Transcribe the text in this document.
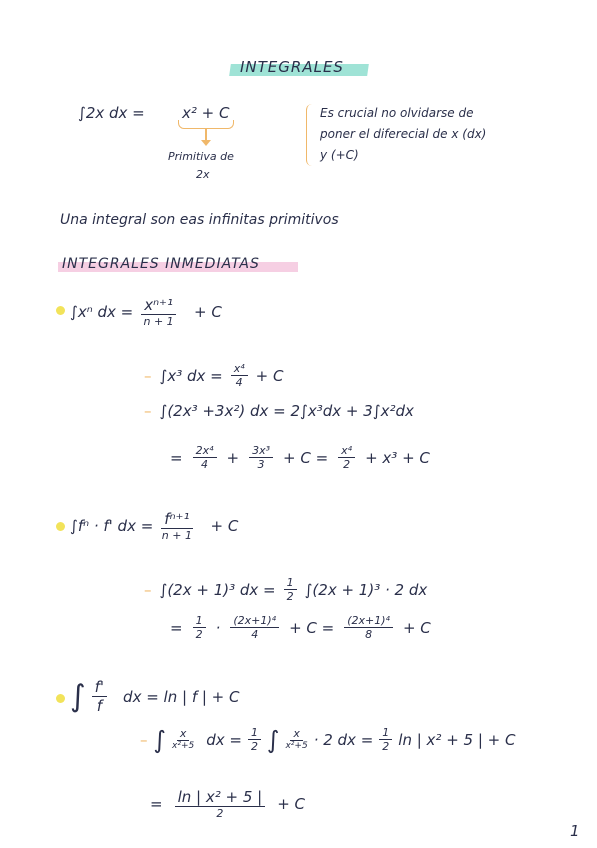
INTEGRALES
∫2x dx = x² + C
Primitiva de
2x
Es crucial no olvidarse de
poner el diferecial de x (dx)
y (+C)
Una integral son eas infinitas primitivos
INTEGRALES INMEDIATAS
∫xⁿ dx = $\frac{\text{xⁿ⁺¹}}{n + 1} + C$
– ∫x³ dx = $\frac{\text{x⁴}}{4} + C$
– ∫(2x³ +3x²) dx = 2∫x³dx + 3∫x²dx
= $\frac{\text{2x⁴}}{4} + \frac{\text{3x³}}{3} + C = \frac{\text{x⁴}}{2} + x^3 + C$
∫fⁿ · f' dx = $\frac{\text{fⁿ⁺¹}}{n + 1} + C$
– ∫(2x + 1)³ dx = $\frac{1}{2} \int(2x + 1)^3 \cdot 2$ dx
= $\frac{1}{2} \cdot \frac{\text{(2x+1)⁴}}{4} + C = \frac{\text{(2x+1)⁴}}{8} + C$
∫ $\frac{f'}{f}$ dx = ln | f | + C
– ∫ $\frac{x}{\text{x²+5}}$ dx = $\frac{1}{2}$ ∫ $\frac{x}{\text{x²+5}} \cdot 2$ dx = $\frac{1}{2}$ ln | x² + 5 | + C
= $\frac{\text{ln | x² + 5 |}}{2} + C$
1
